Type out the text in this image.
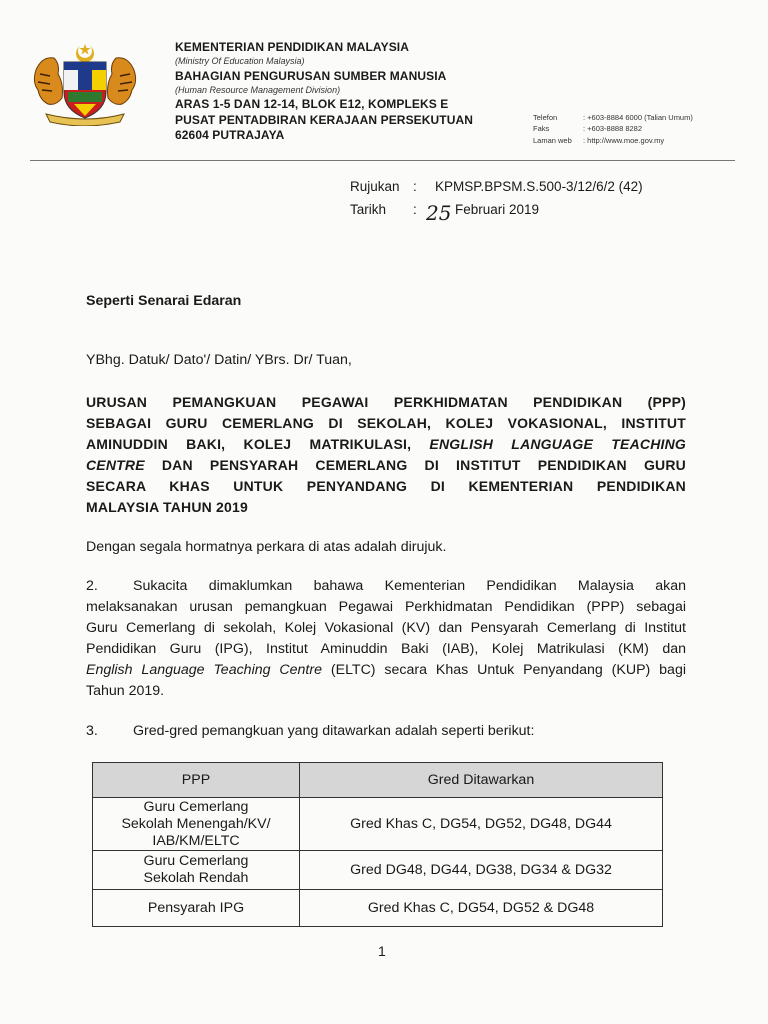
KEMENTERIAN PENDIDIKAN MALAYSIA
(Ministry Of Education Malaysia)
BAHAGIAN PENGURUSAN SUMBER MANUSIA
(Human Resource Management Division)
ARAS 1-5 DAN 12-14, BLOK E12, KOMPLEKS E
PUSAT PENTADBIRAN KERAJAAN PERSEKUTUAN
62604 PUTRAJAYA
Telefon	: +603-8884 6000 (Talian Umum)
Faks	: +603-8888 8282
Laman web : http://www.moe.gov.my
Rujukan : KPMSP.BPSM.S.500-3/12/6/2 (42)
Tarikh	: 25 Februari 2019
Seperti Senarai Edaran
YBhg. Datuk/ Dato'/ Datin/ YBrs. Dr/ Tuan,
URUSAN PEMANGKUAN PEGAWAI PERKHIDMATAN PENDIDIKAN (PPP)
SEBAGAI GURU CEMERLANG DI SEKOLAH, KOLEJ VOKASIONAL, INSTITUT
AMINUDDIN BAKI, KOLEJ MATRIKULASI, ENGLISH LANGUAGE TEACHING
CENTRE DAN PENSYARAH CEMERLANG DI INSTITUT PENDIDIKAN GURU
SECARA KHAS UNTUK PENYANDANG DI KEMENTERIAN PENDIDIKAN
MALAYSIA TAHUN 2019
Dengan segala hormatnya perkara di atas adalah dirujuk.
2. Sukacita dimaklumkan bahawa Kementerian Pendidikan Malaysia akan
melaksanakan urusan pemangkuan Pegawai Perkhidmatan Pendidikan (PPP) sebagai
Guru Cemerlang di sekolah, Kolej Vokasional (KV) dan Pensyarah Cemerlang di Institut
Pendidikan Guru (IPG), Institut Aminuddin Baki (IAB), Kolej Matrikulasi (KM) dan
English Language Teaching Centre (ELTC) secara Khas Untuk Penyandang (KUP) bagi
Tahun 2019.
3. Gred-gred pemangkuan yang ditawarkan adalah seperti berikut:
PPP	Gred Ditawarkan

Guru Cemerlang
Sekolah Menengah/KV/
IAB/KM/ELTC	Gred Khas C, DG54, DG52, DG48, DG44

Guru Cemerlang
Sekolah Rendah	Gred DG48, DG44, DG38, DG34 & DG32

Pensyarah IPG	Gred Khas C, DG54, DG52 & DG48
1
